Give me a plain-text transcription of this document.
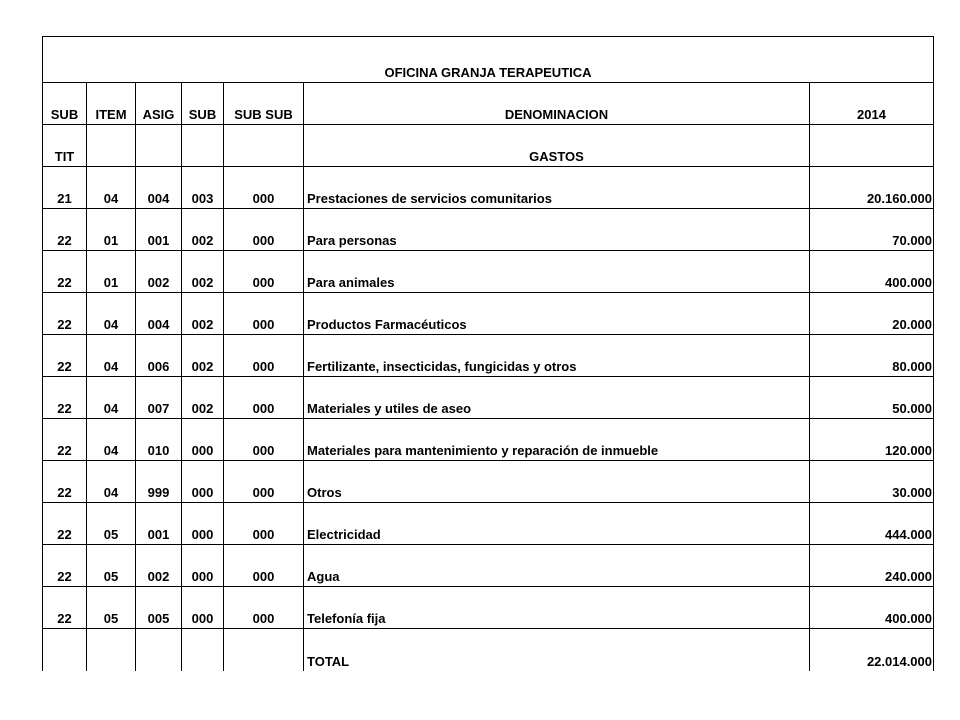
OFICINA GRANJA TERAPEUTICA						
SUB	ITEM	ASIG	SUB	SUB SUB	DENOMINACION	2014
TIT					GASTOS	
21	04	004	003	000	Prestaciones de servicios comunitarios	20.160.000
22	01	001	002	000	Para personas	70.000
22	01	002	002	000	Para animales	400.000
22	04	004	002	000	Productos Farmacéuticos	20.000
22	04	006	002	000	Fertilizante, insecticidas, fungicidas y otros	80.000
22	04	007	002	000	Materiales y utiles de aseo	50.000
22	04	010	000	000	Materiales para mantenimiento y reparación de inmueble	120.000
22	04	999	000	000	Otros	30.000
22	05	001	000	000	Electricidad	444.000
22	05	002	000	000	Agua	240.000
22	05	005	000	000	Telefonía fija	400.000
					TOTAL	22.014.000
